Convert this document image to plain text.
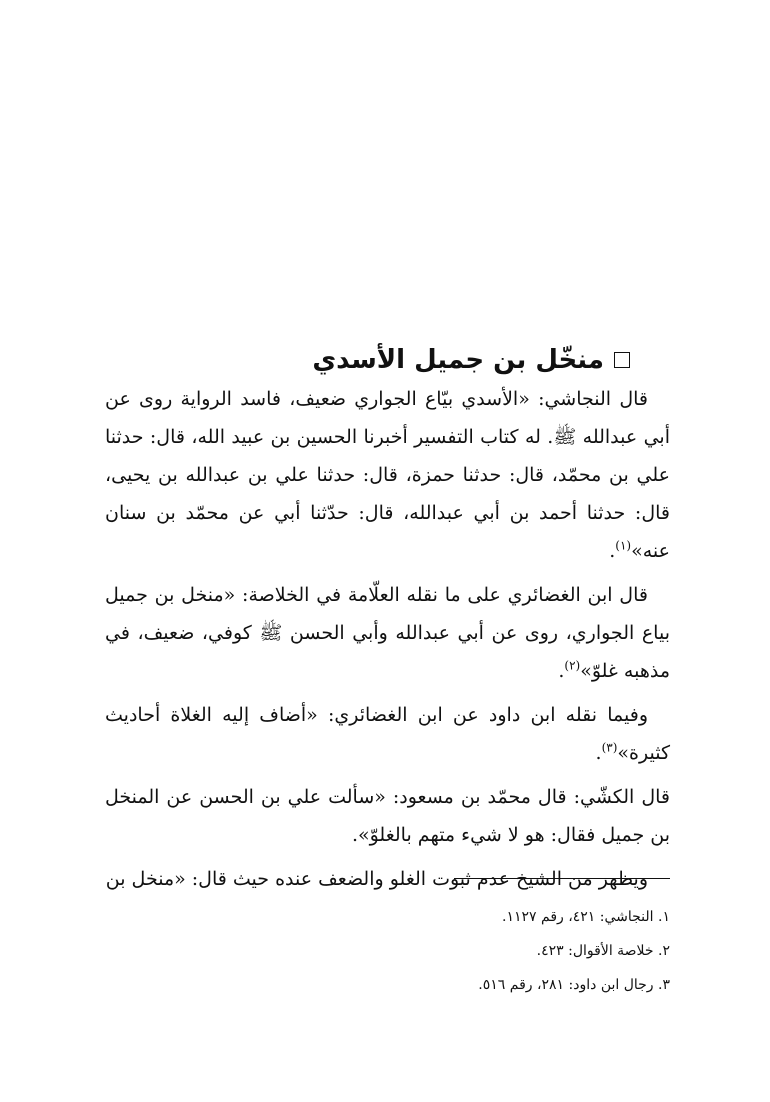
منخّل بن جميل الأسدي

قال النجاشي: «الأسدي بيّاع الجواري ضعيف، فاسد الرواية روى عن أبي عبدالله ﷺ. له كتاب التفسير أخبرنا الحسين بن عبيد الله، قال: حدثنا علي بن محمّد، قال: حدثنا حمزة، قال: حدثنا علي بن عبدالله بن يحيى، قال: حدثنا أحمد بن أبي عبدالله، قال: حدّثنا أبي عن محمّد بن سنان عنه»$^{(١)}$.

قال ابن الغضائري على ما نقله العلّامة في الخلاصة: «منخل بن جميل بياع الجواري، روى عن أبي عبدالله وأبي الحسن ﷺ كوفي، ضعيف، في مذهبه غلوّ»$^{(٢)}$.

وفيما نقله ابن داود عن ابن الغضائري: «أضاف إليه الغلاة أحاديث كثيرة»$^{(٣)}$.

قال الكشّي: قال محمّد بن مسعود: «سألت علي بن الحسن عن المنخل بن جميل فقال: هو لا شيء متهم بالغلوّ».

ويظهر من الشيخ عدم ثبوت الغلو والضعف عنده حيث قال: «منخل بن

١. النجاشي: ٤٢١، رقم ١١٢٧.

٢. خلاصة الأقوال: ٤٢٣.

٣. رجال ابن داود: ٢٨١، رقم ٥١٦.
